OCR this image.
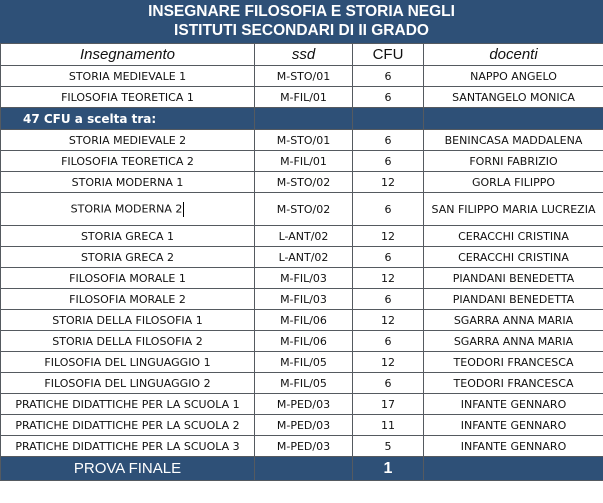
INSEGNARE FILOSOFIA E STORIA NEGLI
ISTITUTI SECONDARI DI II GRADO
Insegnamento	ssd	CFU	docenti
STORIA MEDIEVALE 1	M-STO/01	6	NAPPO ANGELO
FILOSOFIA TEORETICA 1	M-FIL/01	6	SANTANGELO MONICA
47 CFU a scelta tra:			
STORIA MEDIEVALE 2	M-STO/01	6	BENINCASA MADDALENA
FILOSOFIA TEORETICA 2	M-FIL/01	6	FORNI FABRIZIO
STORIA MODERNA 1	M-STO/02	12	GORLA FILIPPO
STORIA MODERNA 2	M-STO/02	6	SAN FILIPPO MARIA LUCREZIA
STORIA GRECA 1	L-ANT/02	12	CERACCHI CRISTINA
STORIA GRECA 2	L-ANT/02	6	CERACCHI CRISTINA
FILOSOFIA MORALE 1	M-FIL/03	12	PIANDANI BENEDETTA
FILOSOFIA MORALE 2	M-FIL/03	6	PIANDANI BENEDETTA
STORIA DELLA FILOSOFIA 1	M-FIL/06	12	SGARRA ANNA MARIA
STORIA DELLA FILOSOFIA 2	M-FIL/06	6	SGARRA ANNA MARIA
FILOSOFIA DEL LINGUAGGIO 1	M-FIL/05	12	TEODORI FRANCESCA
FILOSOFIA DEL LINGUAGGIO 2	M-FIL/05	6	TEODORI FRANCESCA
PRATICHE DIDATTICHE PER LA SCUOLA 1	M-PED/03	17	INFANTE GENNARO
PRATICHE DIDATTICHE PER LA SCUOLA 2	M-PED/03	11	INFANTE GENNARO
PRATICHE DIDATTICHE PER LA SCUOLA 3	M-PED/03	5	INFANTE GENNARO
PROVA FINALE		1	
